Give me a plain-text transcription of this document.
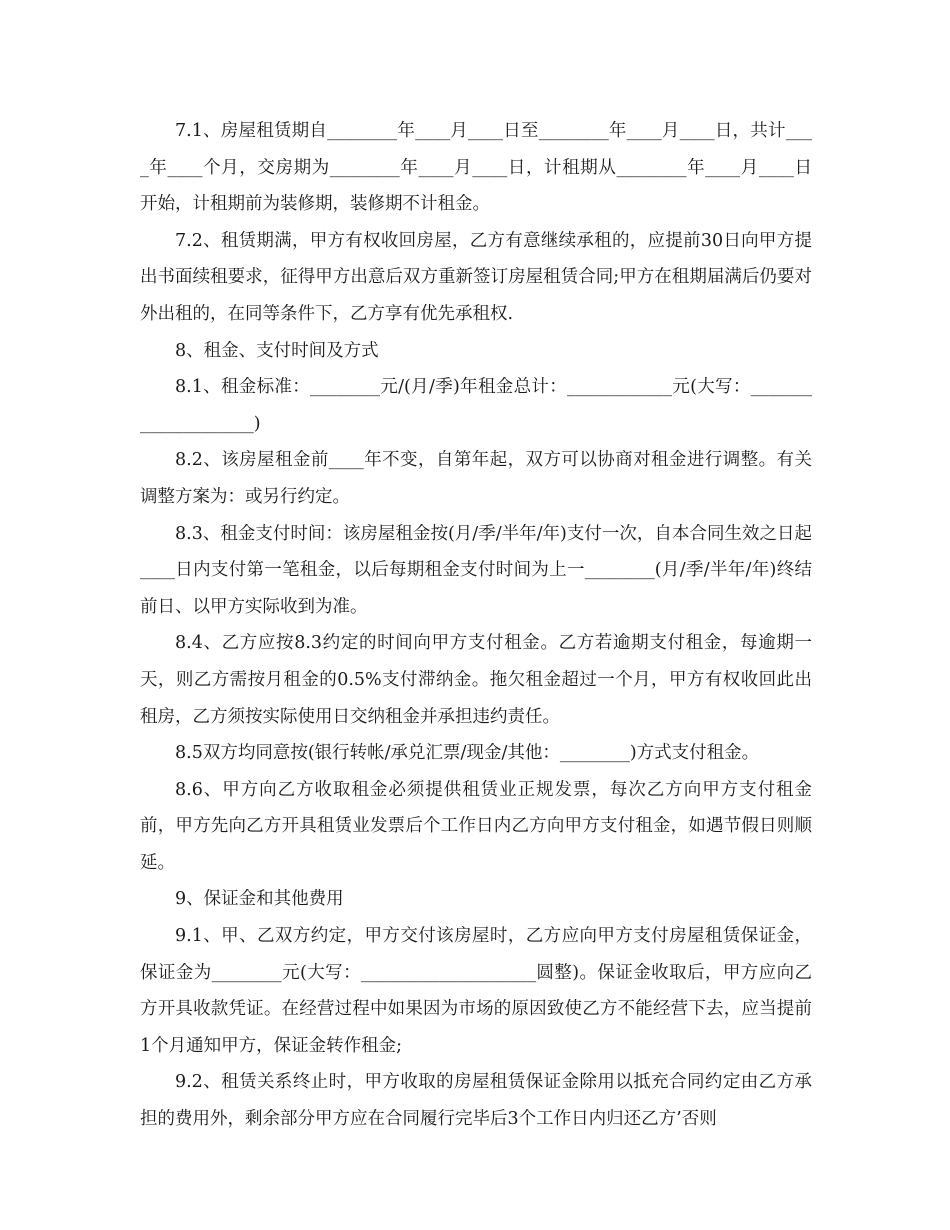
7.1、房屋租赁期自________年____月____日至________年____月____日，共计____年____个月，交房期为________年____月____日，计租期从________年____月____日开始，计租期前为装修期，装修期不计租金。

7.2、租赁期满，甲方有权收回房屋，乙方有意继续承租的，应提前30日向甲方提出书面续租要求，征得甲方出意后双方重新签订房屋租赁合同;甲方在租期届满后仍要对外出租的，在同等条件下，乙方享有优先承租权.

8、租金、支付时间及方式

8.1、租金标准：________元/(月/季)年租金总计：____________元(大写：____________________)

8.2、该房屋租金前____年不变，自第年起，双方可以协商对租金进行调整。有关调整方案为：或另行约定。

8.3、租金支付时间：该房屋租金按(月/季/半年/年)支付一次，自本合同生效之日起____日内支付第一笔租金，以后每期租金支付时间为上一________(月/季/半年/年)终结前日、以甲方实际收到为准。

8.4、乙方应按8.3约定的时间向甲方支付租金。乙方若逾期支付租金，每逾期一天，则乙方需按月租金的0.5%支付滞纳金。拖欠租金超过一个月，甲方有权收回此出租房，乙方须按实际使用日交纳租金并承担违约责任。

8.5双方均同意按(银行转帐/承兑汇票/现金/其他：________)方式支付租金。

8.6、甲方向乙方收取租金必须提供租赁业正规发票，每次乙方向甲方支付租金前，甲方先向乙方开具租赁业发票后个工作日内乙方向甲方支付租金，如遇节假日则顺延。

9、保证金和其他费用

9.1、甲、乙双方约定，甲方交付该房屋时，乙方应向甲方支付房屋租赁保证金，保证金为________元(大写：____________________圆整)。保证金收取后，甲方应向乙方开具收款凭证。在经营过程中如果因为市场的原因致使乙方不能经营下去，应当提前1个月通知甲方，保证金转作租金;

9.2、租赁关系终止时，甲方收取的房屋租赁保证金除用以抵充合同约定由乙方承担的费用外，剩余部分甲方应在合同履行完毕后3个工作日内归还乙方’否则
